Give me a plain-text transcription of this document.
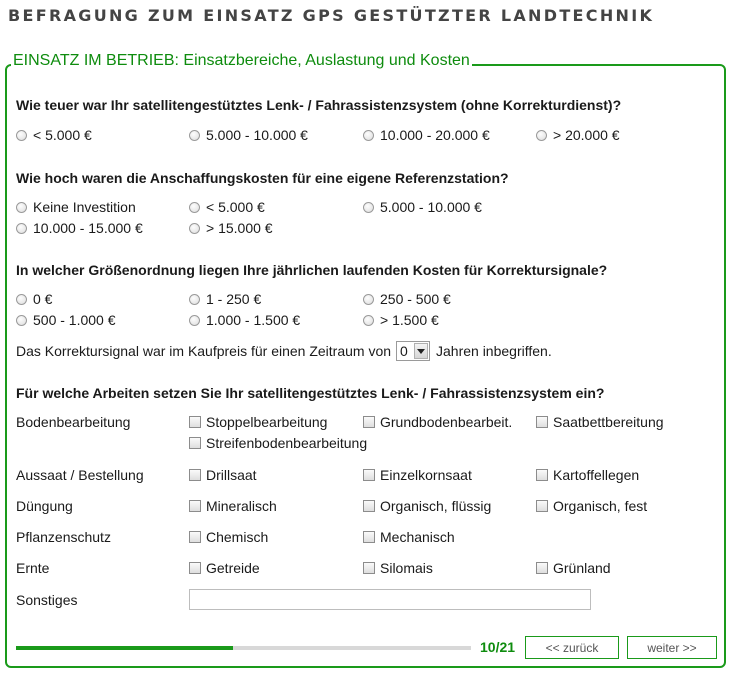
BEFRAGUNG ZUM EINSATZ GPS GESTÜTZTER LANDTECHNIK
EINSATZ IM BETRIEB: Einsatzbereiche, Auslastung und Kosten

Wie teuer war Ihr satellitengestütztes Lenk- / Fahrassistenzsystem (ohne Korrekturdienst)?

< 5.000 €	5.000 - 10.000 €	10.000 - 20.000 €	> 20.000 €

Wie hoch waren die Anschaffungskosten für eine eigene Referenzstation?

Keine Investition	< 5.000 €	5.000 - 10.000 €
10.000 - 15.000 €	> 15.000 €

In welcher Größenordnung liegen Ihre jährlichen laufenden Kosten für Korrektursignale?

0 €	1 - 250 €	250 - 500 €
500 - 1.000 €	1.000 - 1.500 €	> 1.500 €
Das Korrektursignal war im Kaufpreis für einen Zeitraum von 0	Jahren inbegriffen.

Für welche Arbeiten setzen Sie Ihr satellitengestütztes Lenk- / Fahrassistenzsystem ein?

Bodenbearbeitung	Stoppelbearbeitung	Grundbodenbearbeit.	Saatbettbereitung
Streifenbodenbearbeitung
Aussaat / Bestellung	Drillsaat	Einzelkornsaat	Kartoffellegen
Düngung	Mineralisch	Organisch, flüssig	Organisch, fest
Pflanzenschutz	Chemisch	Mechanisch
Ernte	Getreide	Silomais	Grünland
Sonstiges
10/21	<< zurück	weiter >>
